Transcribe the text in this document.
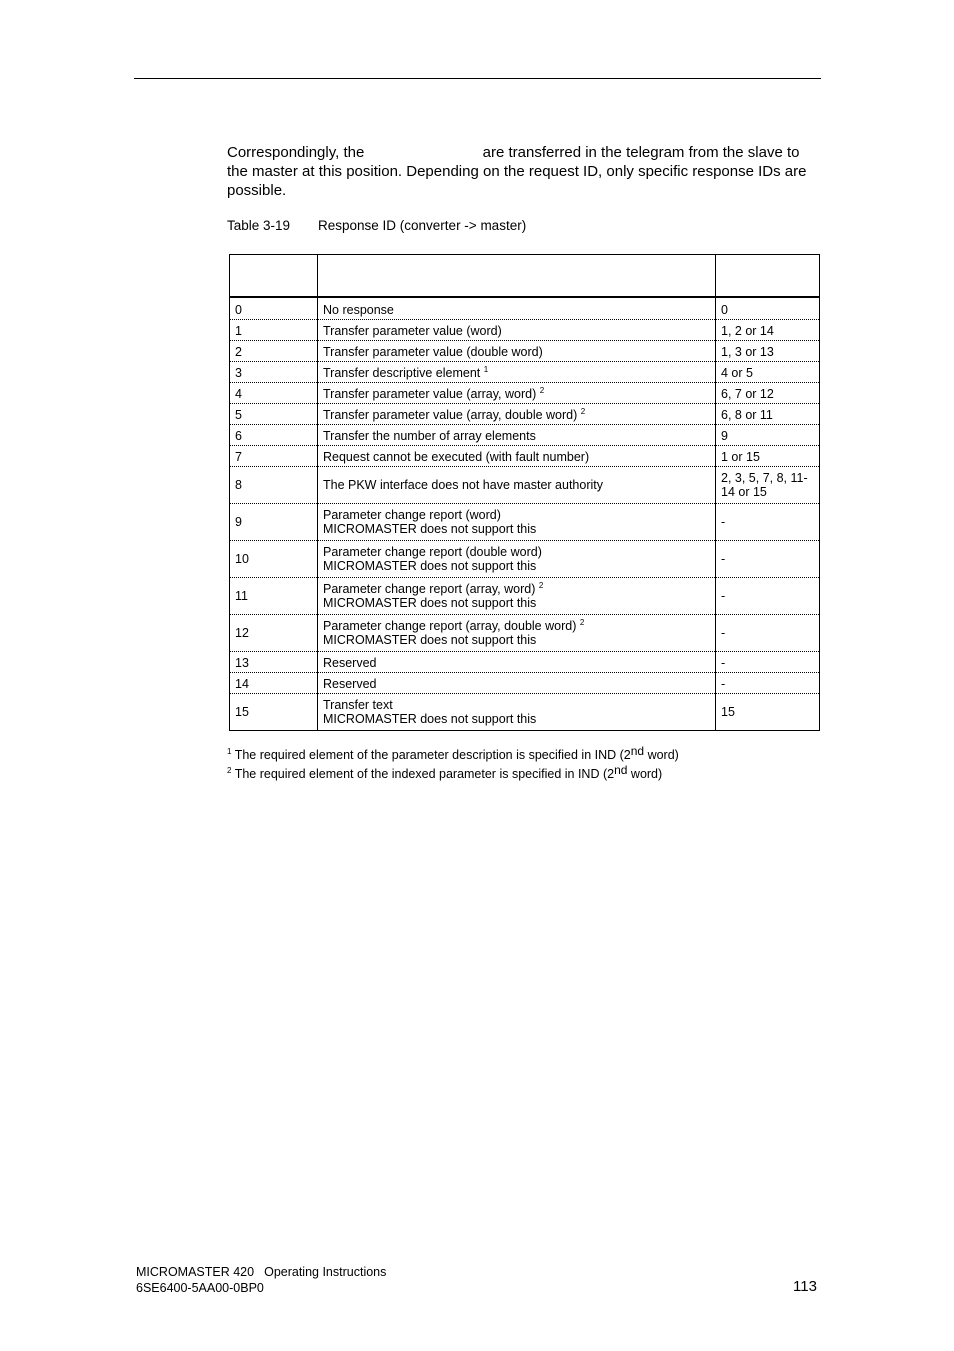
Correspondingly, the	are transferred in the telegram from the slave to the master at this position. Depending on the request ID, only specific response IDs are possible.

Table 3-19 Response ID (converter -> master)

0	No response	0
1	Transfer parameter value (word)	1, 2 or 14
2	Transfer parameter value (double word)	1, 3 or 13
3	Transfer descriptive element $^1$	4 or 5
4	Transfer parameter value (array, word) $^2$	6, 7 or 12
5	Transfer parameter value (array, double word) $^2$	6, 8 or 11
6	Transfer the number of array elements	9
7	Request cannot be executed (with fault number)	1 or 15
8	The PKW interface does not have master authority	2, 3, 5, 7, 8, 11-14 or 15
9	Parameter change report (word)
MICROMASTER does not support this	-
10	Parameter change report (double word)
MICROMASTER does not support this	-
11	Parameter change report (array, word) $^2$
MICROMASTER does not support this	-
12	Parameter change report (array, double word) $^2$
MICROMASTER does not support this	-
13	Reserved	-
14	Reserved	-
15	Transfer text
MICROMASTER does not support this	15
$^1$ The required element of the parameter description is specified in IND (2nd word)
$^2$ The required element of the indexed parameter is specified in IND (2nd word)
MICROMASTER 420 Operating Instructions
6SE6400-5AA00-0BP0	113
